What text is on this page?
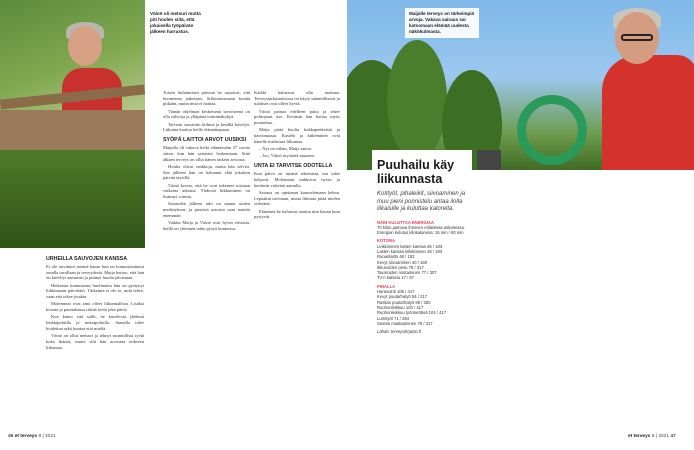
Väinö oli metsuri mutta piti hoolen siitä, että jokaisella työpäivän jälkeen harrastus.
Maijalle terveys on tärkeimpiä arvoja. Vakava sairaus sai katsomaan elämää uudesta näkökulmasta.
URHEILLA SAUVOJEN KANSSA

Ei ole tarvinnut mennä kauas kun on kunnostautunut omalla tavallaan ja terveydestä. Maija kertoo, että hän on kävellyt aamuisin ja pitänyt huolta jaloistaan.

Heikoista kunnostaan huolimatta hän on pystynyt liikkumaan päivittäin. Tärkeintä ei ole se, mitä tekee, vaan että tekee jotakin.

Molemmat ovat aina olleet liikunnallisia. Lisäksi kotona ja puutarhassa riittää työtä joka päivä.

Kun kunto sitä sallii, he kävelevät yhdessä lenkkipoluilla ja metsäpoluilla. Samalla tulee hoidettua sekä kuntoa että mieltä.

Väinö on ollut metsuri ja tehnyt ruumiillista työtä koko ikänsä, mutta silti hän arvostaa erikseen liikuntaa.

Toisen hiihtämisen päivinä he sanoivat, että huomenna jatketaan. Sillointoisinaan kestää pitkään, mutta muu ei haittaa.

Tämän ohjelman keskeisenä tavoitteena on olla vahvoja ja ylläpitää toimintakykyä.

Talvisin suosittiin hiihtoa ja kesällä kävelyä. Liikunta kuuluu heille elämäntapaan.

SYÖPÄ LAITTOI ARVOT UUSIKSI

Maijalla oli vakava hetki elämässään 37 vuotta sitten, kun hän sairastui leukemiaan. Siitä alkaen terveys on ollut hänen tärkein arvonsa.

Hoidot olivat rankkoja, mutta hän selvisi. Sen jälkeen hän on halunnut elää jokaisen päivän täysillä.

Väinö kertoo, että he ovat tukeneet toisiaan vaikeina aikoina. Yhdessä liikkuminen on lisännyt voimia.

Sairauden jälkeen arki on saanut uuden merkityksen, ja pienistä asioista osaa nauttia enemmän.

Vaikka Maija ja Väinö ovat hyvin erilaisia, heillä on yhteinen tahto pysyä kunnossa.

Kaikki halusivat olla mukana. Terveystarkastuksissa on käyty säännöllisesti ja tulokset ovat olleet hyviä.

Väinö painaa edelleen puita ja tekee polttopuut itse. Kesäisin hän hoitaa myös puutarhaa.

Maija pitää huolta kukkapenkeistä ja kasvimaasta. Kastelu ja kitkeminen ovat hänelle mieluisaa liikuntaa.

– Nyt on vähän, Maija sanoo.

– Joo, Väinö myöntää nauraen.

UNTA EI TARVITSE ODOTELLA

Kun päivä on täynnä tekemistä, uni tulee helposti. Molemmat nukkuvat hyvin ja heräävät virkeinä aamulla.

Sairaus on opettanut kuuntelemaan kehoa. Lepoakin tarvitaan, mutta liikunta pitää mielen virkeänä.

Elämästä he haluavat nauttia niin kauan kuin pystyvät.

Puuhailu käy liikunnasta
Kotityöt, pihaleikit, siivoaminen ja muu pieni ponnistelu antaa ilolla liikaisille ja kuluttaa kaloreita.
NÄIN KULUTTAA ENERGIAA
70 kilon painava ihminen erilaisissa askareissa. Energian kulutus kilokaloreina: 15 min / 60 min
KOTONA
Leikkiminen lasten kanssa 46 / 183
Lasten kanssa leikkiminen 48 / 193
Ruoanlaitto 46 / 183
Kevyt siivoaminen 40 / 160
Ikkunoiden pesu 79 / 317
Tavaroiden nostaminen 77 / 307
TV:n katselu 17 / 67
PIHALLA
Haravointi 106 / 417
Kevyt puutarhatyö 54 / 217
Raskas puutarhatyö 88 / 350
Ruohonleikkuu 103 / 417
Ruohonleikkuu työnnettävä 104 / 417
Lumityöt 71 / 284
Seinän maalaaminen 79 / 317
Lähde: terveyskirjasto.fi
46 et terveys 8 | 2021	et terveys 8 | 2021 47
